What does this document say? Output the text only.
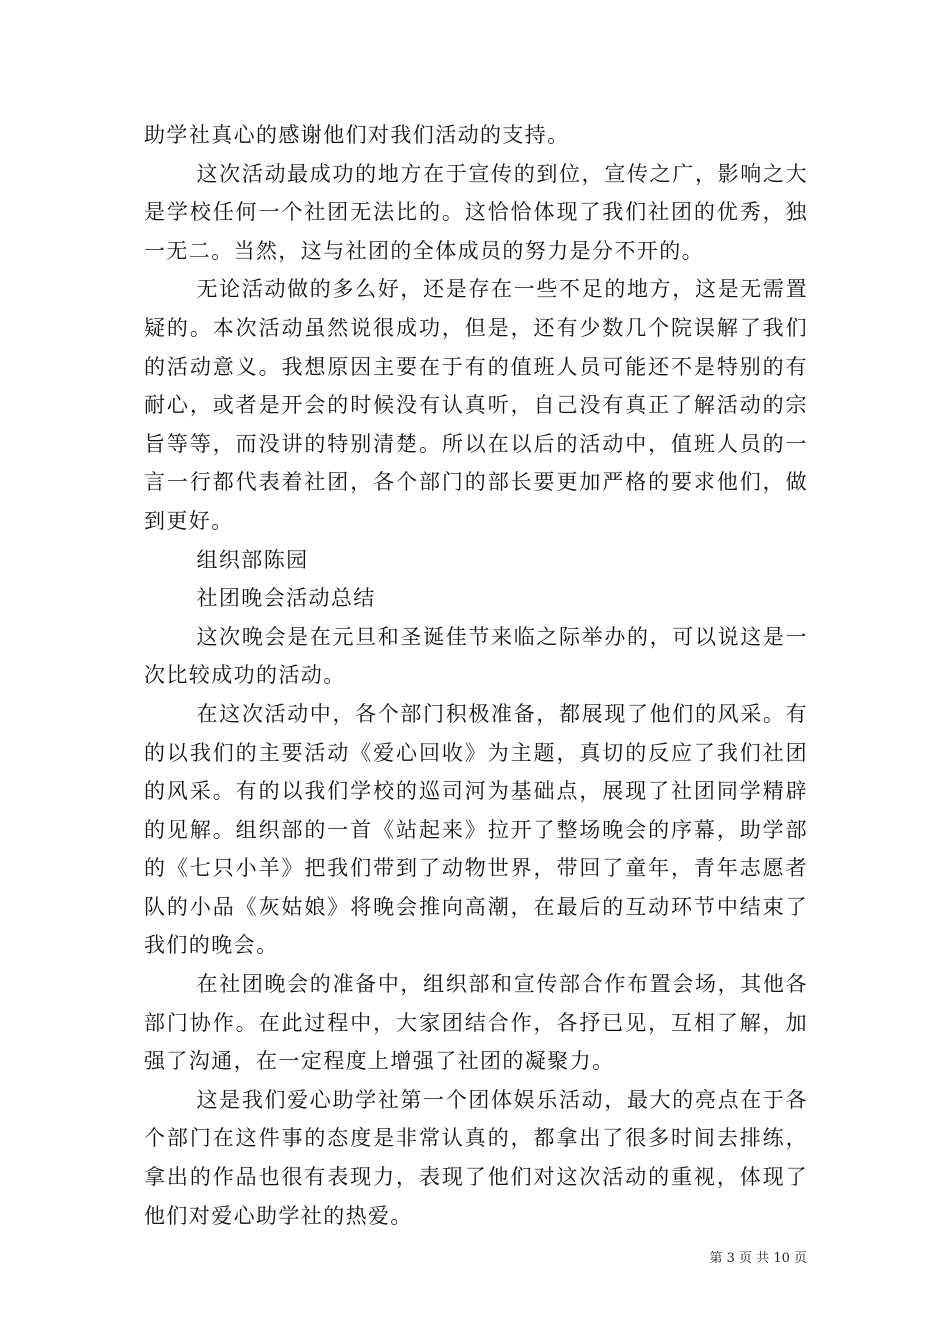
助学社真心的感谢他们对我们活动的支持。

这次活动最成功的地方在于宣传的到位，宣传之广，影响之大是学校任何一个社团无法比的。这恰恰体现了我们社团的优秀，独一无二。当然，这与社团的全体成员的努力是分不开的。

无论活动做的多么好，还是存在一些不足的地方，这是无需置疑的。本次活动虽然说很成功，但是，还有少数几个院误解了我们的活动意义。我想原因主要在于有的值班人员可能还不是特别的有耐心，或者是开会的时候没有认真听，自己没有真正了解活动的宗旨等等，而没讲的特别清楚。所以在以后的活动中，值班人员的一言一行都代表着社团，各个部门的部长要更加严格的要求他们，做到更好。

组织部陈园

社团晚会活动总结

这次晚会是在元旦和圣诞佳节来临之际举办的，可以说这是一次比较成功的活动。

在这次活动中，各个部门积极准备，都展现了他们的风采。有的以我们的主要活动《爱心回收》为主题，真切的反应了我们社团的风采。有的以我们学校的巡司河为基础点，展现了社团同学精辟的见解。组织部的一首《站起来》拉开了整场晚会的序幕，助学部的《七只小羊》把我们带到了动物世界，带回了童年，青年志愿者队的小品《灰姑娘》将晚会推向高潮，在最后的互动环节中结束了我们的晚会。

在社团晚会的准备中，组织部和宣传部合作布置会场，其他各部门协作。在此过程中，大家团结合作，各抒已见，互相了解，加强了沟通，在一定程度上增强了社团的凝聚力。

这是我们爱心助学社第一个团体娱乐活动，最大的亮点在于各个部门在这件事的态度是非常认真的，都拿出了很多时间去排练，拿出的作品也很有表现力，表现了他们对这次活动的重视，体现了他们对爱心助学社的热爱。

第 3 页 共 10 页
